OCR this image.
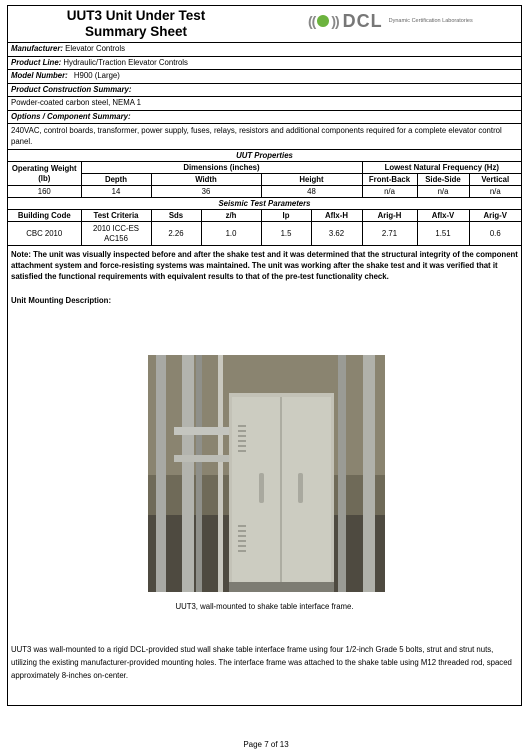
UUT3 Unit Under Test
Summary Sheet
(( )) DCL Dynamic Certification Laboratories
Manufacturer: Elevator Controls
Product Line: Hydraulic/Traction Elevator Controls
Model Number: H900 (Large)
Product Construction Summary:
Powder-coated carbon steel, NEMA 1
Options / Component Summary:
240VAC, control boards, transformer, power supply, fuses, relays, resistors and additional components required for a complete elevator control panel.
UUT Properties								
Operating Weight (lb)	Dimensions (inches)					Lowest Natural Frequency (Hz)		
	Depth	Width		Height		Front-Back	Side-Side	Vertical
160	14	36		48		n/a	n/a	n/a
Seismic Test Parameters								
Building Code	Test Criteria	Sds	z/h	Ip	Aflx-H	Arig-H	Aflx-V	Arig-V
CBC 2010	2010 ICC-ES AC156	2.26	1.0	1.5	3.62	2.71	1.51	0.6
Note: The unit was visually inspected before and after the shake test and it was determined that the structural integrity of the component attachment system and force-resisting systems was maintained. The unit was working after the shake test and it was verified that it satisfied the functional requirements with equivalent results to that of the pre-test functionality check.
Unit Mounting Description:
UUT3, wall-mounted to shake table interface frame.
UUT3 was wall-mounted to a rigid DCL-provided stud wall shake table interface frame using four 1/2-inch Grade 5 bolts, strut and strut nuts, utilizing the existing manufacturer-provided mounting holes. The interface frame was attached to the shake table using M12 threaded rod, spaced approximately 8-inches on-center.
Page 7 of 13
